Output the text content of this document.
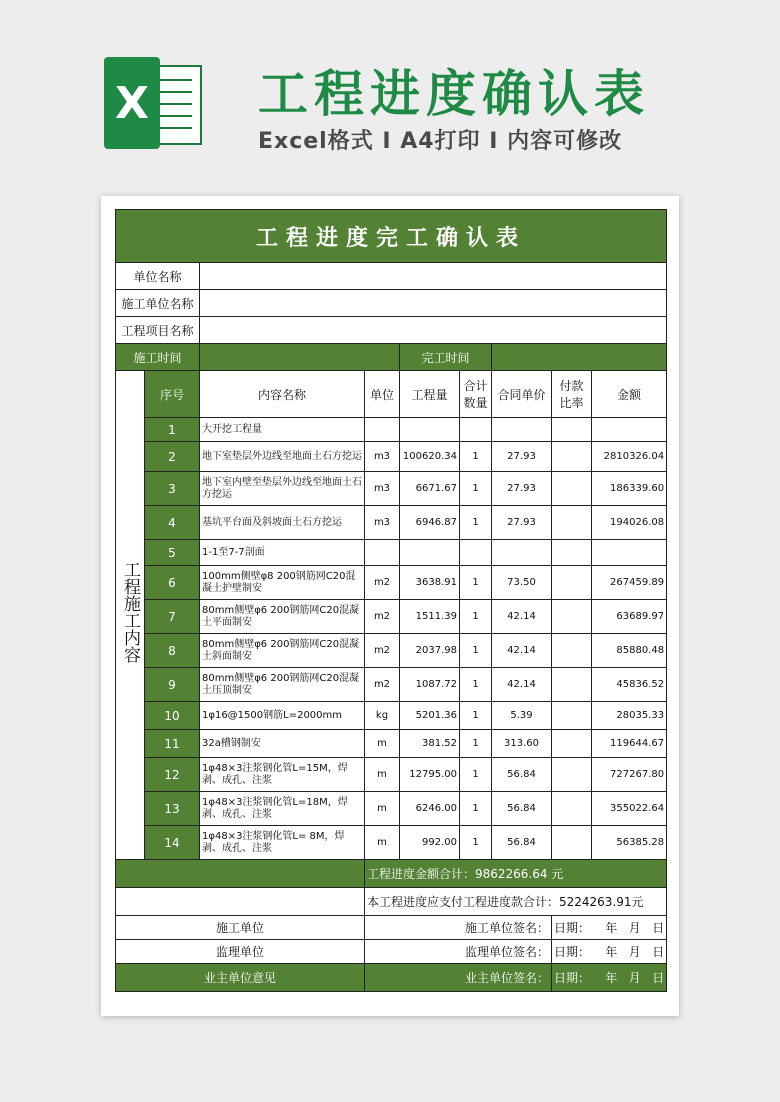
X 工程进度确认表
Excel格式 I A4打印 I 内容可修改
工程进度完工确认表								
单位名称								
施工单位名称								
工程项目名称								
施工时间				完工时间				
工程施工内容	序号	内容名称	单位	工程量	合计数量	合同单价	付款比率	金额
	1	大开挖工程量						
	2	地下室垫层外边线至地面土石方挖运	m3	100620.34	1	27.93		2810326.04
	3	地下室内壁至垫层外边线至地面土石方挖运	m3	6671.67	1	27.93		186339.60
	4	基坑平台面及斜坡面土石方挖运	m3	6946.87	1	27.93		194026.08
	5	1-1至7-7剖面						
	6	100mm侧壁φ8 200钢筋网C20混凝土护壁制安	m2	3638.91	1	73.50		267459.89
	7	80mm侧壁φ6 200钢筋网C20混凝土平面制安	m2	1511.39	1	42.14		63689.97
	8	80mm侧壁φ6 200钢筋网C20混凝土斜面制安	m2	2037.98	1	42.14		85880.48
	9	80mm侧壁φ6 200钢筋网C20混凝土压顶制安	m2	1087.72	1	42.14		45836.52
	10	1φ16@1500钢筋L=2000mm	kg	5201.36	1	5.39		28035.33
	11	32a槽钢制安	m	381.52	1	313.60		119644.67
	12	1φ48×3注浆钢化管L=15M，焊剥、成孔、注浆	m	12795.00	1	56.84		727267.80
	13	1φ48×3注浆钢化管L=18M，焊剥、成孔、注浆	m	6246.00	1	56.84		355022.64
	14	1φ48×3注浆钢化管L= 8M，焊剥、成孔、注浆	m	992.00	1	56.84		56385.28
			工程进度金额合计：9862266.64 元					
			本工程进度应支付工程进度款合计：5224263.91元					
施工单位			施工单位签名：				日期： 年 月 日	
监理单位			监理单位签名：				日期： 年 月 日	
业主单位意见			业主单位签名：				日期： 年 月 日	
